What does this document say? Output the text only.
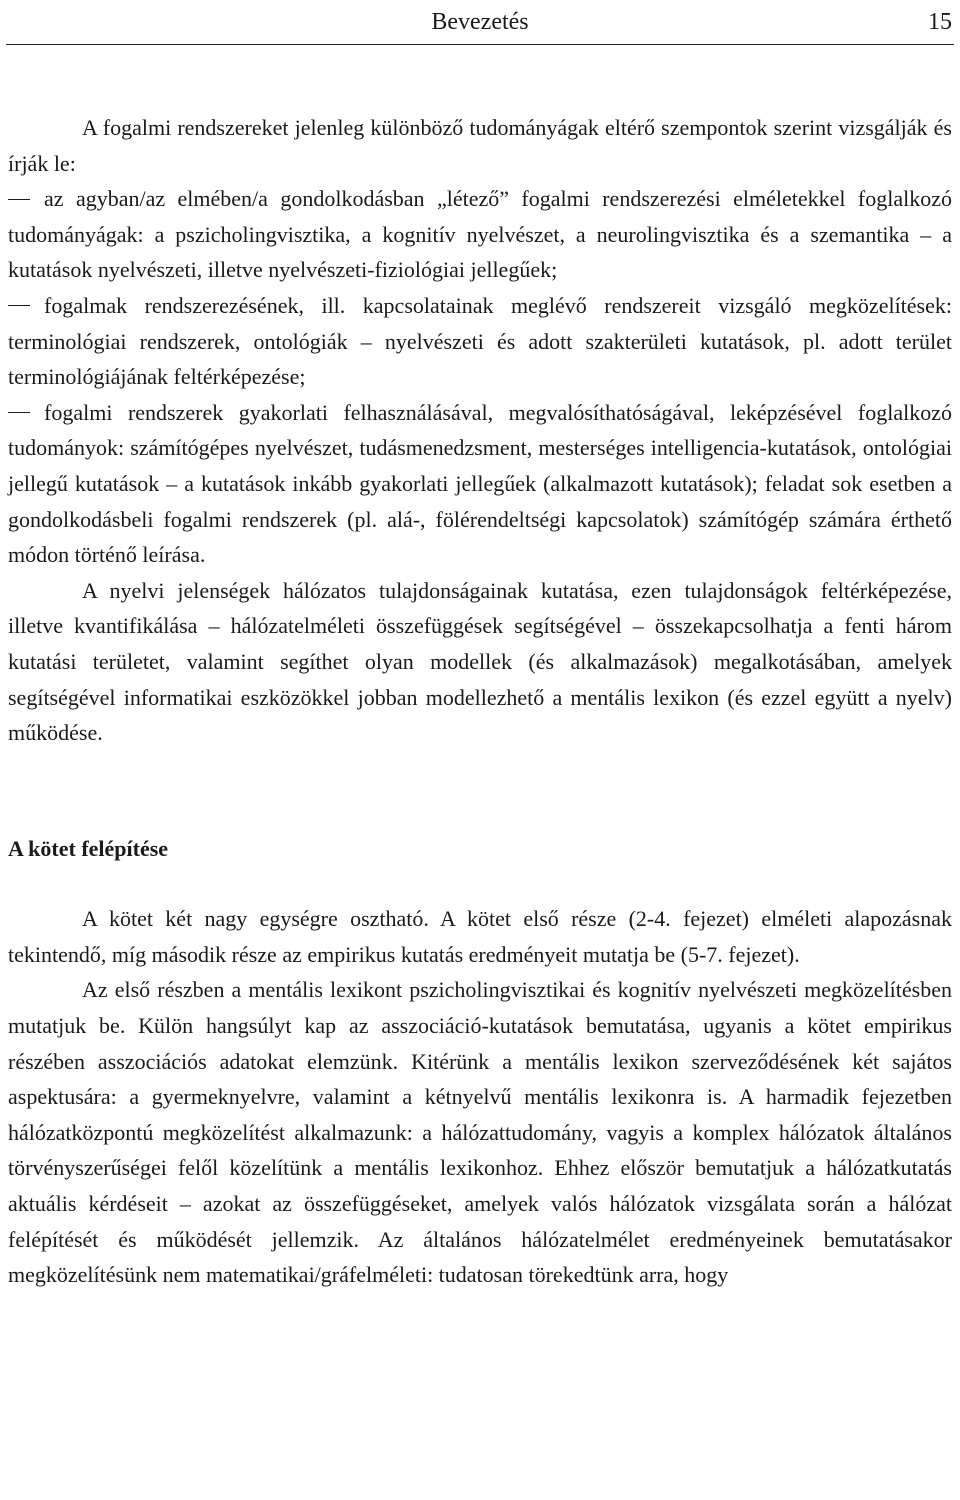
Bevezetés	15

A fogalmi rendszereket jelenleg különböző tudományágak eltérő szempontok szerint vizsgálják és írják le:

az agyban/az elmében/a gondolkodásban „létező” fogalmi rendszerezési elméletekkel foglalkozó tudományágak: a pszicholingvisztika, a kognitív nyelvészet, a neurolingvisztika és a szemantika – a kutatások nyelvészeti, illetve nyelvészeti-fiziológiai jellegűek;

fogalmak rendszerezésének, ill. kapcsolatainak meglévő rendszereit vizsgáló megközelítések: terminológiai rendszerek, ontológiák – nyelvészeti és adott szakterületi kutatások, pl. adott terület terminológiájának feltérképezése;

fogalmi rendszerek gyakorlati felhasználásával, megvalósíthatóságával, leképzésével foglalkozó tudományok: számítógépes nyelvészet, tudásmenedzsment, mesterséges intelligencia-kutatások, ontológiai jellegű kutatások – a kutatások inkább gyakorlati jellegűek (alkalmazott kutatások); feladat sok esetben a gondolkodásbeli fogalmi rendszerek (pl. alá-, fölérendeltségi kapcsolatok) számítógép számára érthető módon történő leírása.

A nyelvi jelenségek hálózatos tulajdonságainak kutatása, ezen tulajdonságok feltérképezése, illetve kvantifikálása – hálózatelméleti összefüggések segítségével – összekapcsolhatja a fenti három kutatási területet, valamint segíthet olyan modellek (és alkalmazások) megalkotásában, amelyek segítségével informatikai eszközökkel jobban modellezhető a mentális lexikon (és ezzel együtt a nyelv) működése.

A kötet felépítése

A kötet két nagy egységre osztható. A kötet első része (2-4. fejezet) elméleti alapozásnak tekintendő, míg második része az empirikus kutatás eredményeit mutatja be (5-7. fejezet).

Az első részben a mentális lexikont pszicholingvisztikai és kognitív nyelvészeti megközelítésben mutatjuk be. Külön hangsúlyt kap az asszociáció-kutatások bemutatása, ugyanis a kötet empirikus részében asszociációs adatokat elemzünk. Kitérünk a mentális lexikon szerveződésének két sajátos aspektusára: a gyermeknyelvre, valamint a kétnyelvű mentális lexikonra is. A harmadik fejezetben hálózatközpontú megközelítést alkalmazunk: a hálózattudomány, vagyis a komplex hálózatok általános törvényszerűségei felől közelítünk a mentális lexikonhoz. Ehhez először bemutatjuk a hálózatkutatás aktuális kérdéseit – azokat az összefüggéseket, amelyek valós hálózatok vizsgálata során a hálózat felépítését és működését jellemzik. Az általános hálózatelmélet eredményeinek bemutatásakor megközelítésünk nem matematikai/gráfelméleti: tudatosan törekedtünk arra, hogy
